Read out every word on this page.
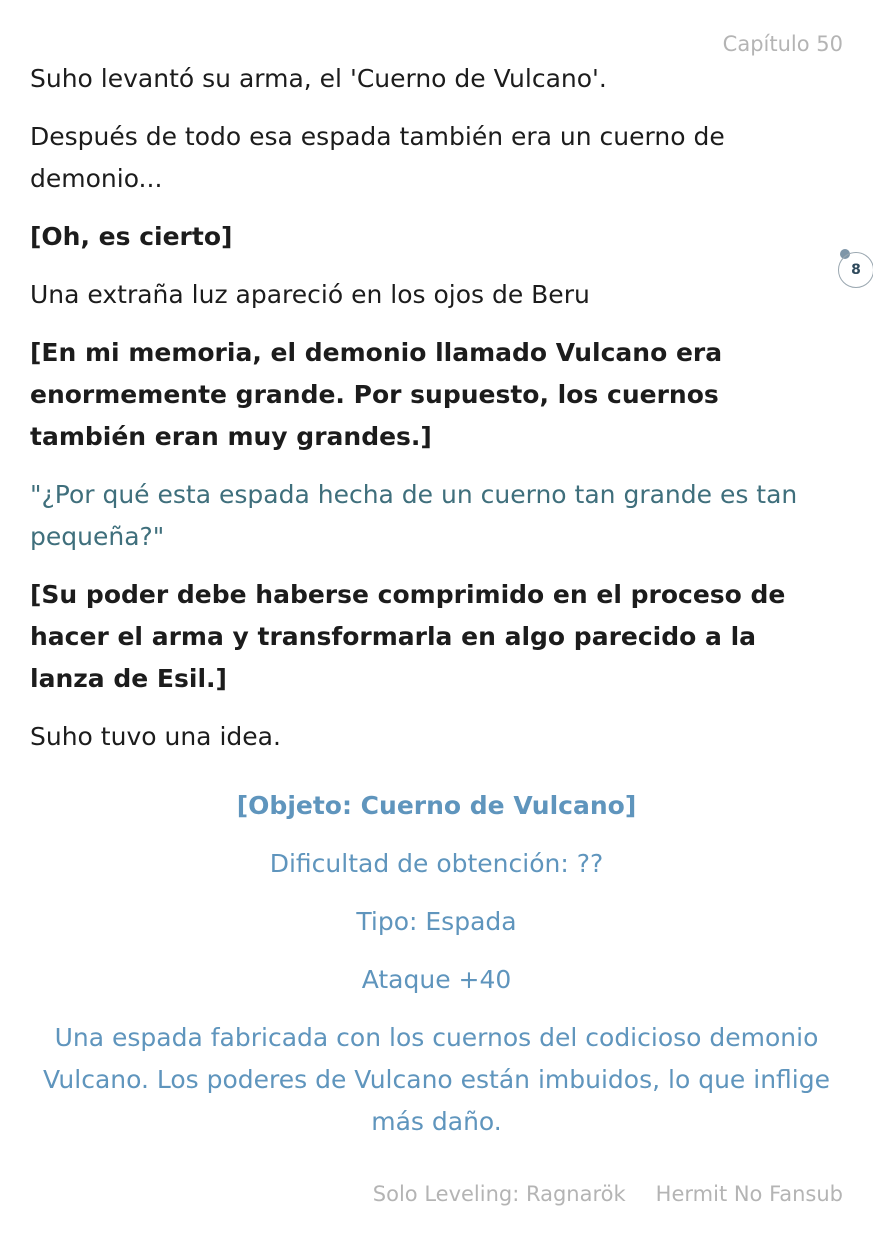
Capítulo 50
8

Suho levantó su arma, el 'Cuerno de Vulcano'.

Después de todo esa espada también era un cuerno de demonio...

[Oh, es cierto]

Una extraña luz apareció en los ojos de Beru

[En mi memoria, el demonio llamado Vulcano era enormemente grande. Por supuesto, los cuernos también eran muy grandes.]

"¿Por qué esta espada hecha de un cuerno tan grande es tan pequeña?"

[Su poder debe haberse comprimido en el proceso de hacer el arma y transformarla en algo parecido a la lanza de Esil.]

Suho tuvo una idea.

[Objeto: Cuerno de Vulcano]
Dificultad de obtención: ??
Tipo: Espada
Ataque +40
Una espada fabricada con los cuernos del codicioso demonio Vulcano. Los poderes de Vulcano están imbuidos, lo que inflige más daño.
Solo Leveling: Ragnarök Hermit No Fansub
